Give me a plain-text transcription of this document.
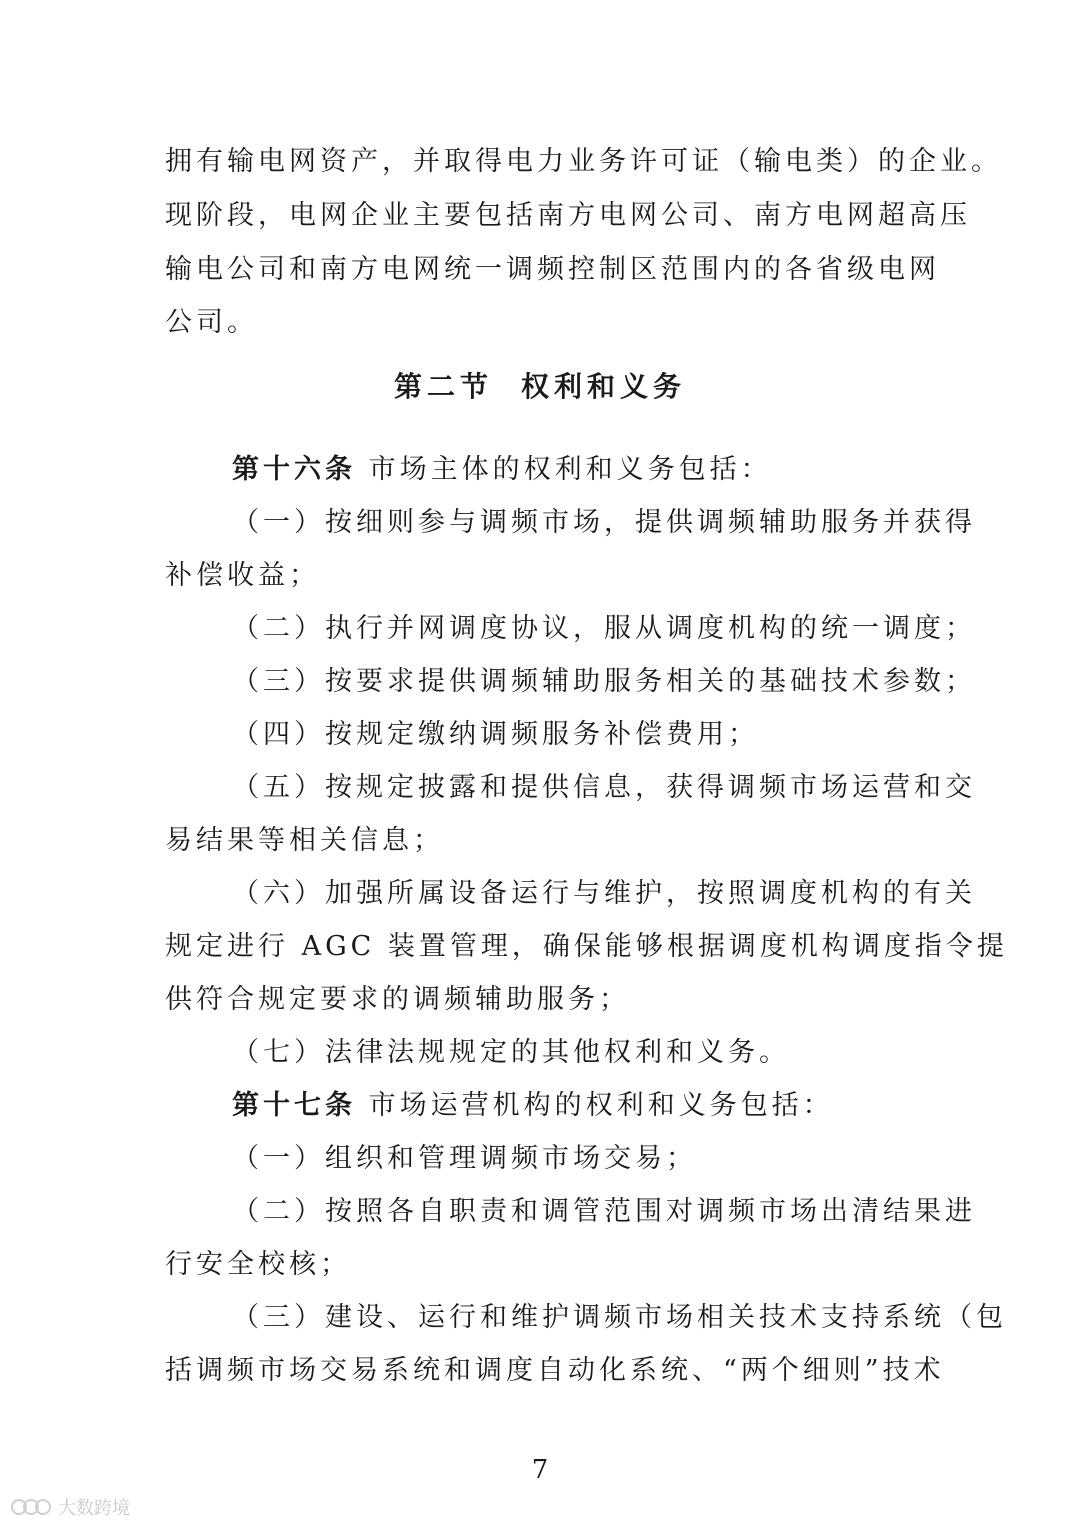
拥有输电网资产，并取得电力业务许可证（输电类）的企业。
现阶段，电网企业主要包括南方电网公司、南方电网超高压
输电公司和南方电网统一调频控制区范围内的各省级电网
公司。
第二节 权利和义务
第十六条 市场主体的权利和义务包括：
（一）按细则参与调频市场，提供调频辅助服务并获得
补偿收益；
（二）执行并网调度协议，服从调度机构的统一调度；
（三）按要求提供调频辅助服务相关的基础技术参数；
（四）按规定缴纳调频服务补偿费用；
（五）按规定披露和提供信息，获得调频市场运营和交
易结果等相关信息；
（六）加强所属设备运行与维护，按照调度机构的有关
规定进行 AGC 装置管理，确保能够根据调度机构调度指令提
供符合规定要求的调频辅助服务；
（七）法律法规规定的其他权利和义务。
第十七条 市场运营机构的权利和义务包括：
（一）组织和管理调频市场交易；
（二）按照各自职责和调管范围对调频市场出清结果进
行安全校核；
（三）建设、运行和维护调频市场相关技术支持系统（包
括调频市场交易系统和调度自动化系统、“两个细则”技术
7
大数跨境
